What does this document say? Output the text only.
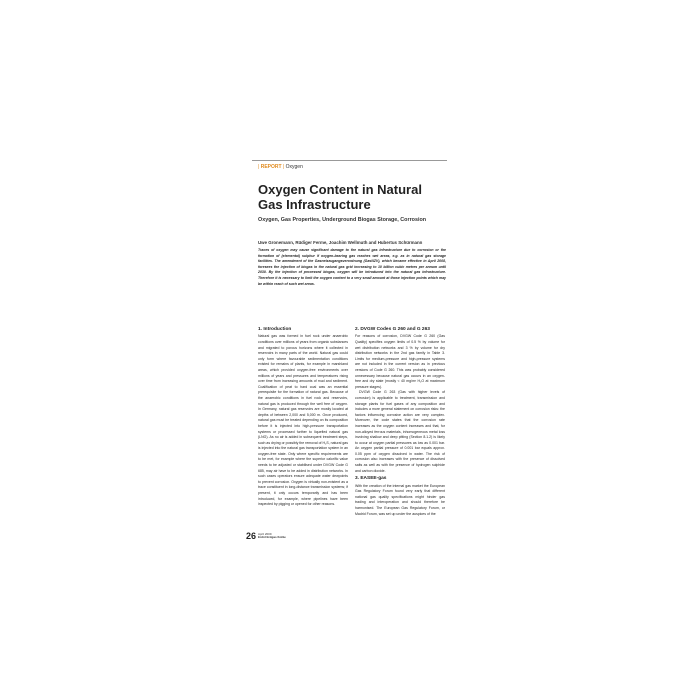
| REPORT | Oxygen
Oxygen Content in Natural Gas Infrastructure
Oxygen, Gas Properties, Underground Biogas Storage, Corrosion
Uwe Gronemann, Rüdiger Ferme, Joachim Wellmuth and Hubertus Schürmann
Traces of oxygen may cause significant damage to the natural gas infrastructure due to corrosion or the formation of (elemental) sulphur if oxygen-bearing gas reaches wet areas, e.g. as in natural gas storage facilities. The amendment of the Gasnetzzugangsverordnung (GasNZV), which became effective in April 2008, foresees the injection of biogas in the natural gas grid increasing to 10 billion cubic metres per annum until 2030. By the injection of processed biogas, oxygen will be introduced into the natural gas infrastructure. Therefore it is necessary to limit the oxygen content to a very small amount at those injection points which may be within reach of such wet areas.
1. Introduction

Natural gas was formed in fuel rock under anaerobic conditions over millions of years from organic substances and migrated to porous horizons where it collected in reservoirs in many parts of the world. Natural gas could only form where favourable sedimentation conditions existed for remains of plants, for example in marshland areas, which provided oxygen-free environments over millions of years and pressures and temperatures rising over time from increasing amounts of mud and sediment. Coalification of peat to hard coal was an essential prerequisite for the formation of natural gas. Because of the anaerobic conditions in fuel rock and reservoirs, natural gas is produced through the well free of oxygen. In Germany, natural gas reservoirs are mostly located at depths of between 2,000 and 5,000 m. Once produced, natural gas must be treated depending on its composition before it is injected into high-pressure transportation systems or processed further to liquefied natural gas (LNG). As no air is added in subsequent treatment steps, such as drying or possibly the removal of H₂S, natural gas is injected into the natural gas transportation system in an oxygen-free state. Only where specific requirements are to be met, for example where the superior calorific value needs to be adjusted or stabilised under DVGW Code G 685, may air have to be added in distribution networks. In such cases operators ensure adequate water dewpoints to prevent corrosion. Oxygen is virtually non-existent as a trace constituent in long-distance transmission systems; if present, it only occurs temporarily and has been introduced, for example, where pipelines have been inspected by pigging or opened for other reasons.

2. DVGW Codes G 260 and G 263

For reasons of corrosion, DVGW Code G 260 (Gas Quality) specifies oxygen limits of 0.5 % by volume for wet distribution networks and 3 % by volume for dry distribution networks in the 2nd gas family in Table 3. Limits for medium-pressure and high-pressure systems are not included in the current version as in previous versions of Code G 260. This was probably considered unnecessary because natural gas occurs in an oxygen-free and dry state (mostly < 40 mg/m³ H₂O at maximum pressure stages).

DVGW Code G 263 (Gas with higher levels of corrosion) is applicable to treatment, transmission and storage plants for fuel gases of any composition and includes a more general statement on corrosion risks: the factors influencing corrosive action are very complex. Moreover, the code states that the corrosion rate increases as the oxygen content increases and that, for non-alloyed ferrous materials, inhomogeneous metal loss involving shallow and deep pitting (Section 8.1.2) is likely to occur at oxygen partial pressures as low as 0.001 bar. An oxygen partial pressure of 0.001 bar equals approx. 0.05 ppm of oxygen dissolved in water. The risk of corrosion also increases with the presence of dissolved salts as well as with the presence of hydrogen sulphide and carbon dioxide.

3. EASEE-gas

With the creation of the internal gas market the European Gas Regulatory Forum found very early that different national gas quality specifications might hinder gas trading and interoperation and should therefore be harmonised. The European Gas Regulatory Forum, or Madrid Forum, was set up under the auspices of the

26 April 2009
Erdöl Erdgas Kohle
